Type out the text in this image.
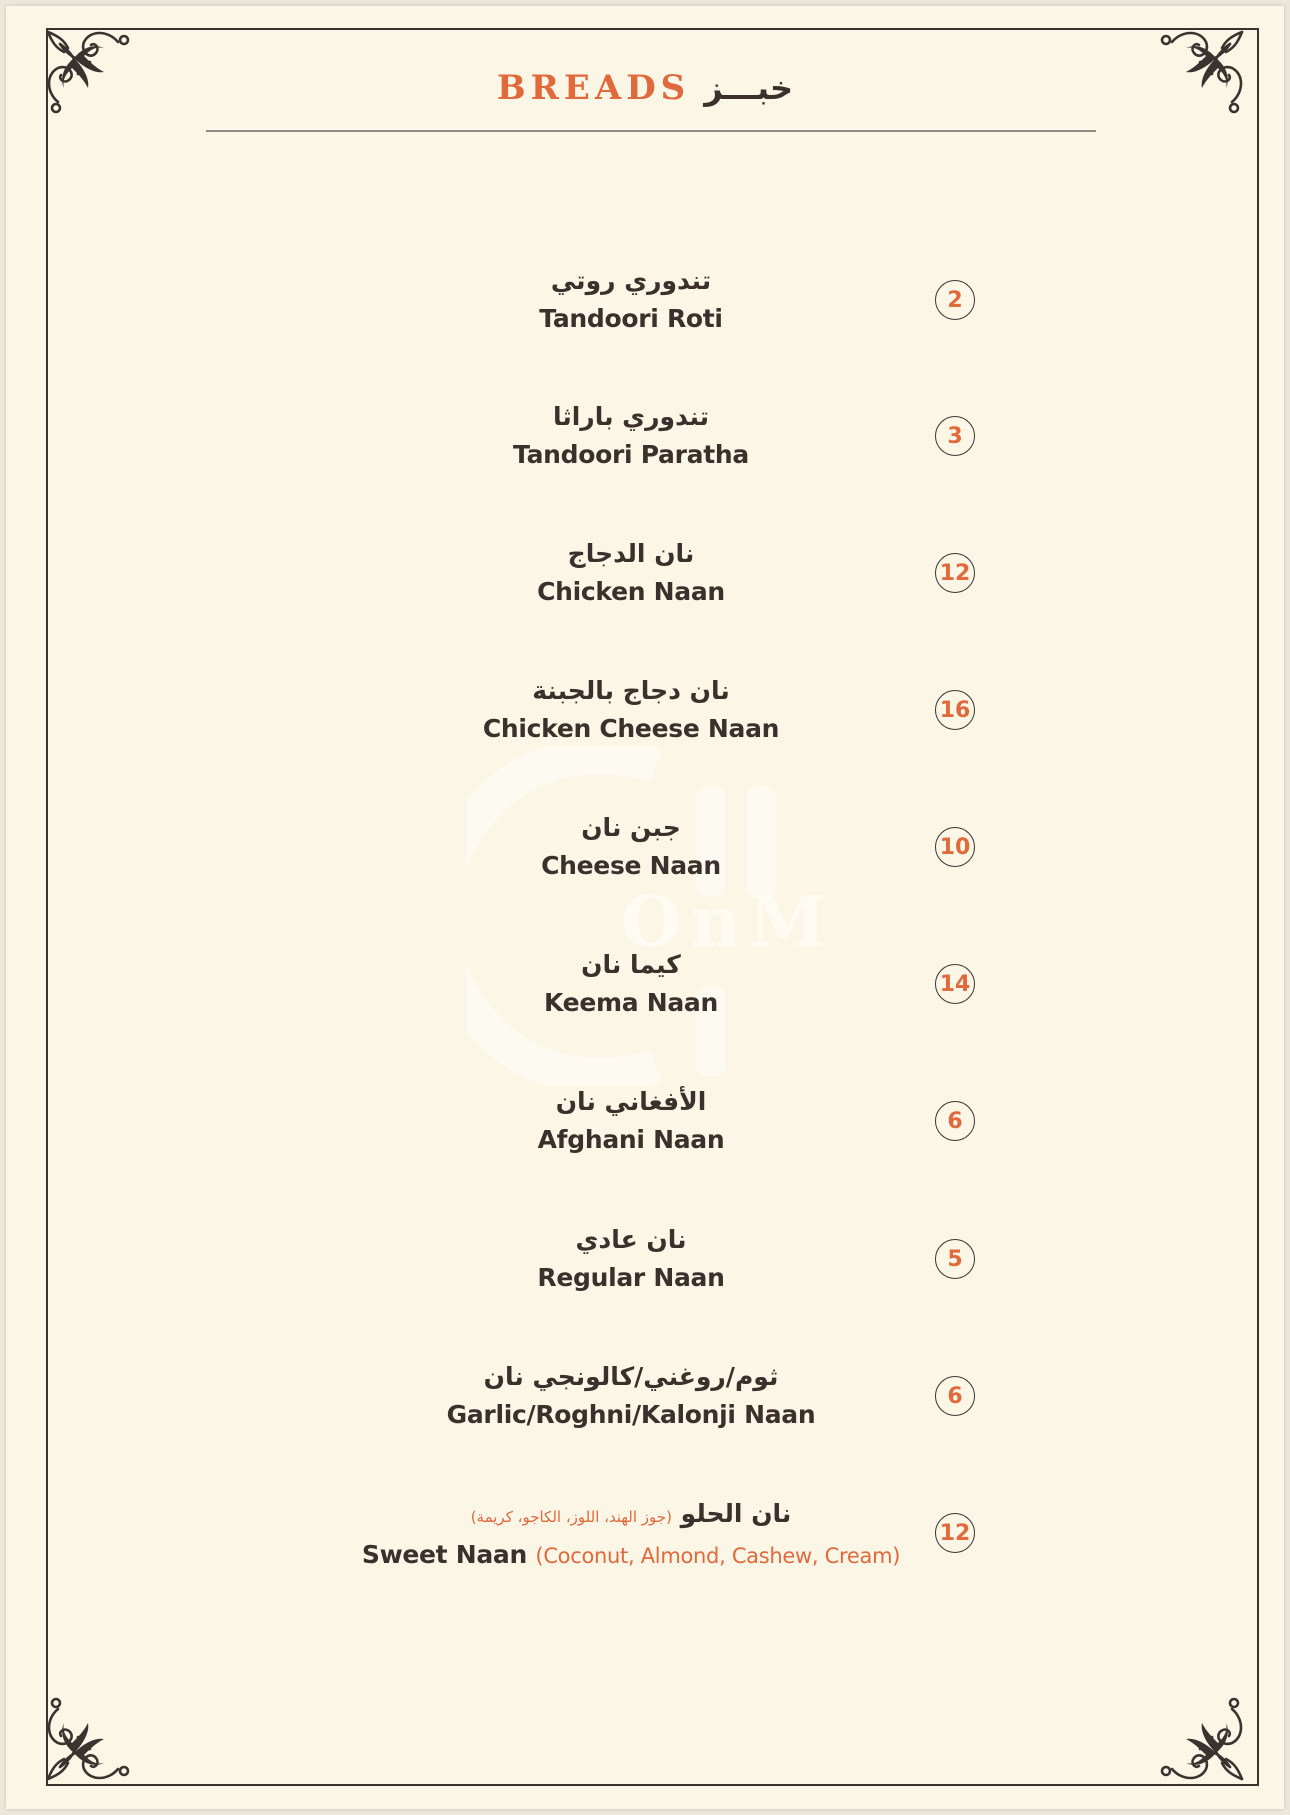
BREADS خبـــز
OnM
تندوري روتي
Tandoori Roti
2
تندوري باراثا
Tandoori Paratha
3
نان الدجاج
Chicken Naan
12
نان دجاج بالجبنة
Chicken Cheese Naan
16
جبن نان
Cheese Naan
10
كيما نان
Keema Naan
14
الأفغاني نان
Afghani Naan
6
نان عادي
Regular Naan
5
ثوم/روغني/كالونجي نان
Garlic/Roghni/Kalonji Naan
6
نان الحلو (جوز الهند، اللوز، الكاجو، كريمة)
Sweet Naan (Coconut, Almond, Cashew, Cream)
12
